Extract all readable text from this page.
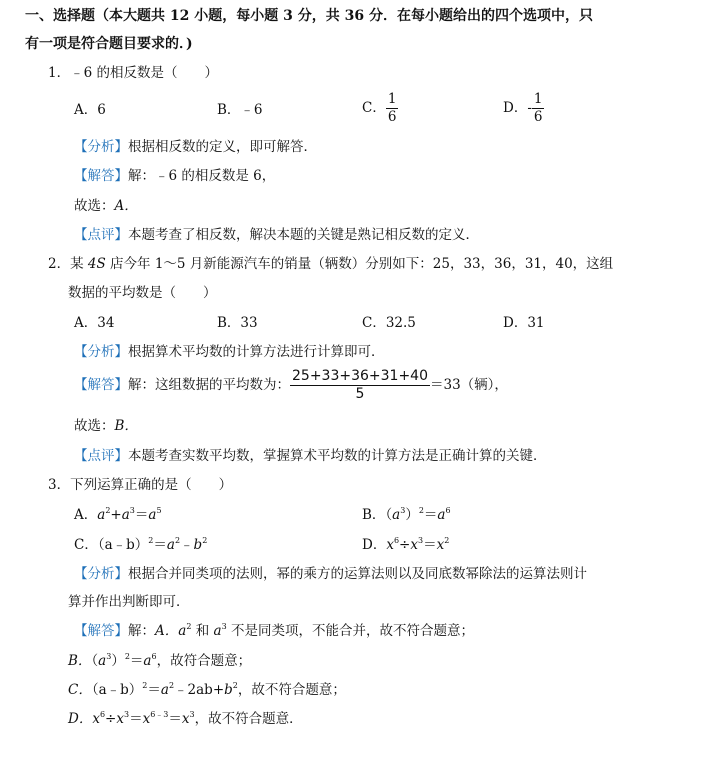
一、选择题（本大题共 12 小题，每小题 3 分，共 36 分．在每小题给出的四个选项中，只
有一项是符合题目要求的．)
1．﹣6 的相反数是（　　）
A．6	B．﹣6	C． $\frac{1}{6}$	D．- $\frac{1}{6}$
【分析】根据相反数的定义，即可解答．
【解答】解：﹣6 的相反数是 6，
故选：A．
【点评】本题考查了相反数，解决本题的关键是熟记相反数的定义．
2．某 4S 店今年 1～5 月新能源汽车的销量（辆数）分别如下：25，33，36，31，40，这组
数据的平均数是（　　）
A．34	B．33	C．32.5	D．31
【分析】根据算术平均数的计算方法进行计算即可．
【解答】解：这组数据的平均数为： $\frac{25+33+36+31+40}{5} =33$（辆），
故选：B．
【点评】本题考查实数平均数，掌握算术平均数的计算方法是正确计算的关键．
3．下列运算正确的是（　　）
A．$a^2+a^3=a^5$	B．$(a^3)^2=a^6$
C．$(a﹣b)^2=a^2﹣b^2$	D．$x^6\div x^3=x^2$
【分析】根据合并同类项的法则，幂的乘方的运算法则以及同底数幂除法的运算法则计
算并作出判断即可．
【解答】解：A．$a^2$ 和 $a^3$ 不是同类项，不能合并，故不符合题意；
B．$(a^3)^2=a^6$，故符合题意；
C．$(a﹣b)^2=a^2﹣2ab+b^2$，故不符合题意；
D．$x^6\div x^3=x^{6﹣3}=x^3$，故不符合题意．
